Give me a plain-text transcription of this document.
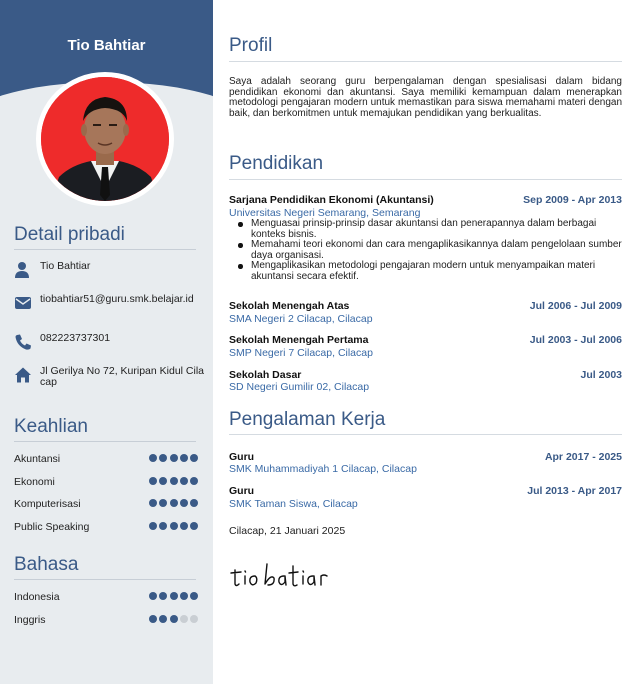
Tio Bahtiar
Detail pribadi
Tio Bahtiar
tiobahtiar51@guru.smk.belajar.id
082223737301
Jl Gerilya No 72, Kuripan Kidul Cilacap
Keahlian
Akuntansi
Ekonomi
Komputerisasi
Public Speaking
Bahasa
Indonesia
Inggris
Profil
Saya adalah seorang guru berpengalaman dengan spesialisasi dalam bidang pendidikan ekonomi dan akuntansi. Saya memiliki kemampuan dalam menerapkan metodologi pengajaran modern untuk memastikan para siswa memahami materi dengan baik, dan berkomitmen untuk memajukan pendidikan yang berkualitas.
Pendidikan
Sarjana Pendidikan Ekonomi (Akuntansi)	Sep 2009 - Apr 2013
Universitas Negeri Semarang, Semarang
Menguasai prinsip-prinsip dasar akuntansi dan penerapannya dalam berbagai konteks bisnis.
Memahami teori ekonomi dan cara mengaplikasikannya dalam pengelolaan sumber daya organisasi.
Mengaplikasikan metodologi pengajaran modern untuk menyampaikan materi akuntansi secara efektif.
Sekolah Menengah Atas	Jul 2006 - Jul 2009
SMA Negeri 2 Cilacap, Cilacap
Sekolah Menengah Pertama	Jul 2003 - Jul 2006
SMP Negeri 7 Cilacap, Cilacap
Sekolah Dasar	Jul 2003
SD Negeri Gumilir 02, Cilacap
Pengalaman Kerja
Guru	Apr 2017 - 2025
SMK Muhammadiyah 1 Cilacap, Cilacap
Guru	Jul 2013 - Apr 2017
SMK Taman Siswa, Cilacap
Cilacap, 21 Januari 2025
